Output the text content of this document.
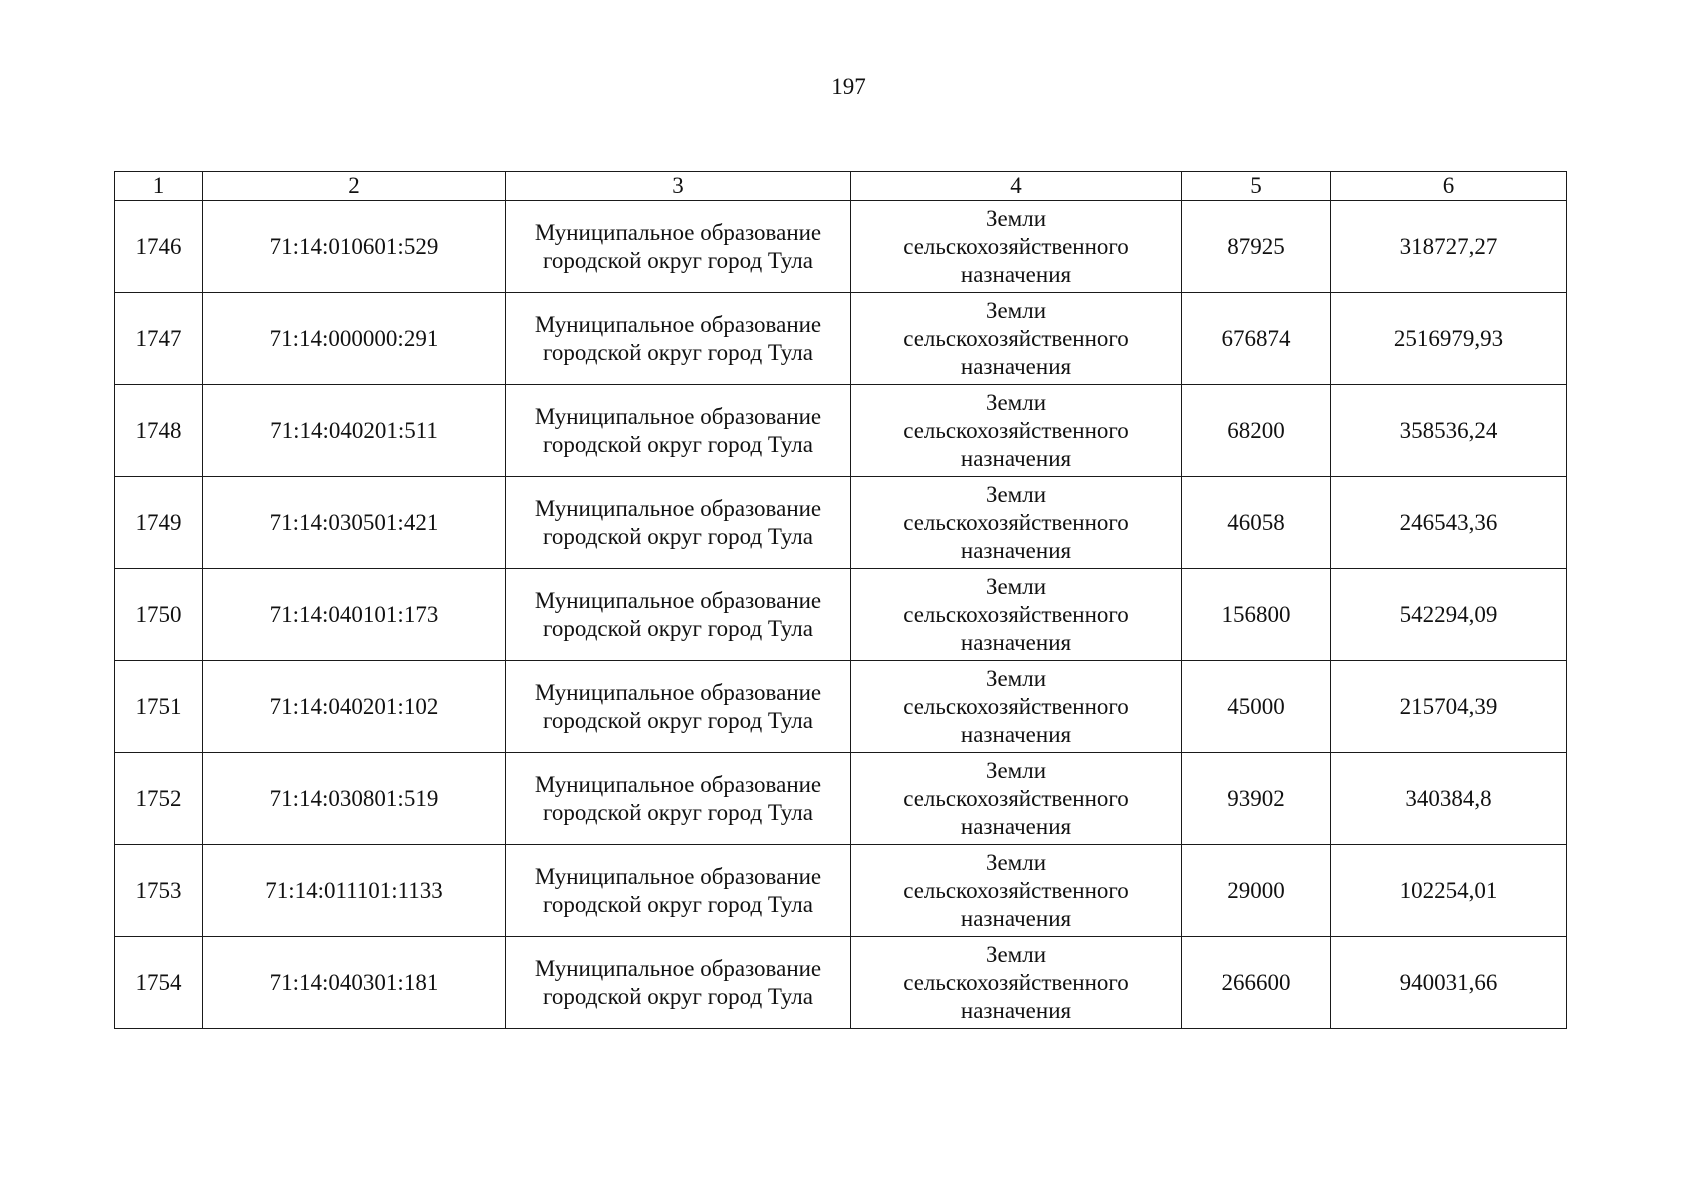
197
1	2	3	4	5	6
1746	71:14:010601:529	Муниципальное образование
городской округ город Тула	Земли
сельскохозяйственного
назначения	87925	318727,27
1747	71:14:000000:291	Муниципальное образование
городской округ город Тула	Земли
сельскохозяйственного
назначения	676874	2516979,93
1748	71:14:040201:511	Муниципальное образование
городской округ город Тула	Земли
сельскохозяйственного
назначения	68200	358536,24
1749	71:14:030501:421	Муниципальное образование
городской округ город Тула	Земли
сельскохозяйственного
назначения	46058	246543,36
1750	71:14:040101:173	Муниципальное образование
городской округ город Тула	Земли
сельскохозяйственного
назначения	156800	542294,09
1751	71:14:040201:102	Муниципальное образование
городской округ город Тула	Земли
сельскохозяйственного
назначения	45000	215704,39
1752	71:14:030801:519	Муниципальное образование
городской округ город Тула	Земли
сельскохозяйственного
назначения	93902	340384,8
1753	71:14:011101:1133	Муниципальное образование
городской округ город Тула	Земли
сельскохозяйственного
назначения	29000	102254,01
1754	71:14:040301:181	Муниципальное образование
городской округ город Тула	Земли
сельскохозяйственного
назначения	266600	940031,66
